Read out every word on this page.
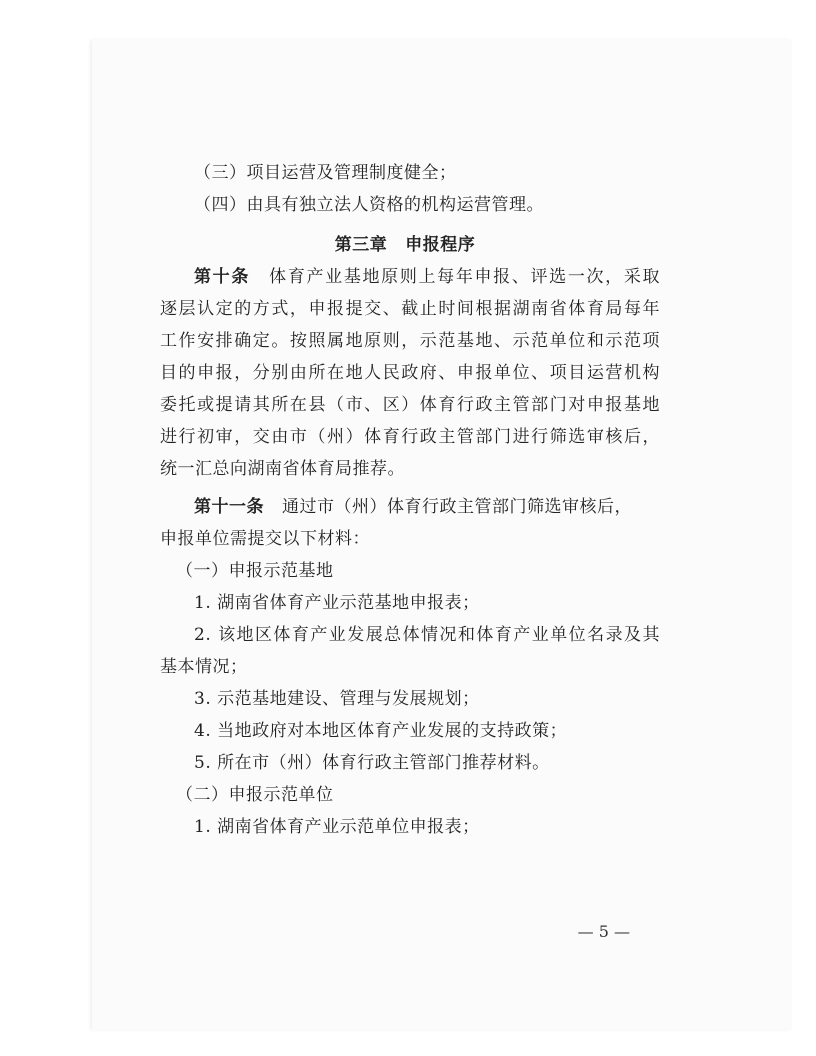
（三）项目运营及管理制度健全；
（四）由具有独立法人资格的机构运营管理。
第三章 申报程序
第十条 体育产业基地原则上每年申报、评选一次，采取
逐层认定的方式，申报提交、截止时间根据湖南省体育局每年
工作安排确定。按照属地原则，示范基地、示范单位和示范项
目的申报，分别由所在地人民政府、申报单位、项目运营机构
委托或提请其所在县（市、区）体育行政主管部门对申报基地
进行初审，交由市（州）体育行政主管部门进行筛选审核后，
统一汇总向湖南省体育局推荐。
第十一条 通过市（州）体育行政主管部门筛选审核后，
申报单位需提交以下材料：
（一）申报示范基地
1. 湖南省体育产业示范基地申报表；
2. 该地区体育产业发展总体情况和体育产业单位名录及其
基本情况；
3. 示范基地建设、管理与发展规划；
4. 当地政府对本地区体育产业发展的支持政策；
5. 所在市（州）体育行政主管部门推荐材料。
（二）申报示范单位
1. 湖南省体育产业示范单位申报表；
— 5 —
